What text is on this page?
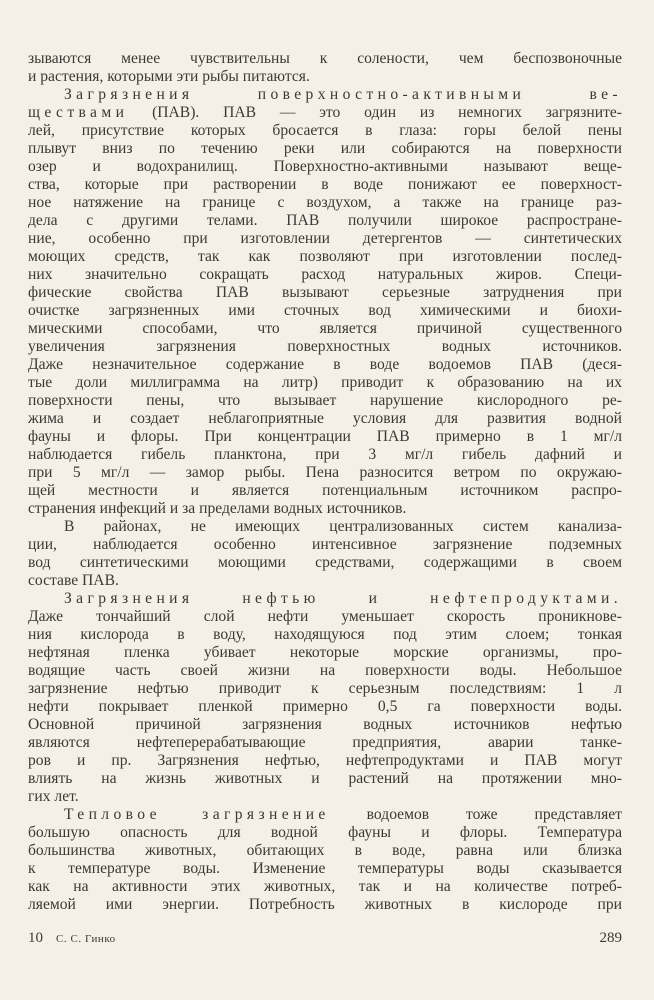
зываются менее чувствительны к солености, чем беспозвоночные
и растения, которыми эти рыбы питаются.
Загрязнения поверхностно-активными ве-
ществами (ПАВ). ПАВ — это один из немногих загрязните-
лей, присутствие которых бросается в глаза: горы белой пены
плывут вниз по течению реки или собираются на поверхности
озер и водохранилищ. Поверхностно-активными называют веще-
ства, которые при растворении в воде понижают ее поверхност-
ное натяжение на границе с воздухом, а также на границе раз-
дела с другими телами. ПАВ получили широкое распростране-
ние, особенно при изготовлении детергентов — синтетических
моющих средств, так как позволяют при изготовлении послед-
них значительно сокращать расход натуральных жиров. Специ-
фические свойства ПАВ вызывают серьезные затруднения при
очистке загрязненных ими сточных вод химическими и биохи-
мическими способами, что является причиной существенного
увеличения загрязнения поверхностных водных источников.
Даже незначительное содержание в воде водоемов ПАВ (деся-
тые доли миллиграмма на литр) приводит к образованию на их
поверхности пены, что вызывает нарушение кислородного ре-
жима и создает неблагоприятные условия для развития водной
фауны и флоры. При концентрации ПАВ примерно в 1 мг/л
наблюдается гибель планктона, при 3 мг/л гибель дафний и
при 5 мг/л — замор рыбы. Пена разносится ветром по окружаю-
щей местности и является потенциальным источником распро-
странения инфекций и за пределами водных источников.
В районах, не имеющих централизованных систем канализа-
ции, наблюдается особенно интенсивное загрязнение подземных
вод синтетическими моющими средствами, содержащими в своем
составе ПАВ.
Загрязнения нефтью и нефтепродуктами.
Даже тончайший слой нефти уменьшает скорость проникнове-
ния кислорода в воду, находящуюся под этим слоем; тонкая
нефтяная пленка убивает некоторые морские организмы, про-
водящие часть своей жизни на поверхности воды. Небольшое
загрязнение нефтью приводит к серьезным последствиям: 1 л
нефти покрывает пленкой примерно 0,5 га поверхности воды.
Основной причиной загрязнения водных источников нефтью
являются нефтеперерабатывающие предприятия, аварии танке-
ров и пр. Загрязнения нефтью, нефтепродуктами и ПАВ могут
влиять на жизнь животных и растений на протяжении мно-
гих лет.
Тепловое загрязнение водоемов тоже представляет
большую опасность для водной фауны и флоры. Температура
большинства животных, обитающих в воде, равна или близка
к температуре воды. Изменение температуры воды сказывается
как на активности этих животных, так и на количестве потреб-
ляемой ими энергии. Потребность животных в кислороде при
10 С. С. Гинко	289
